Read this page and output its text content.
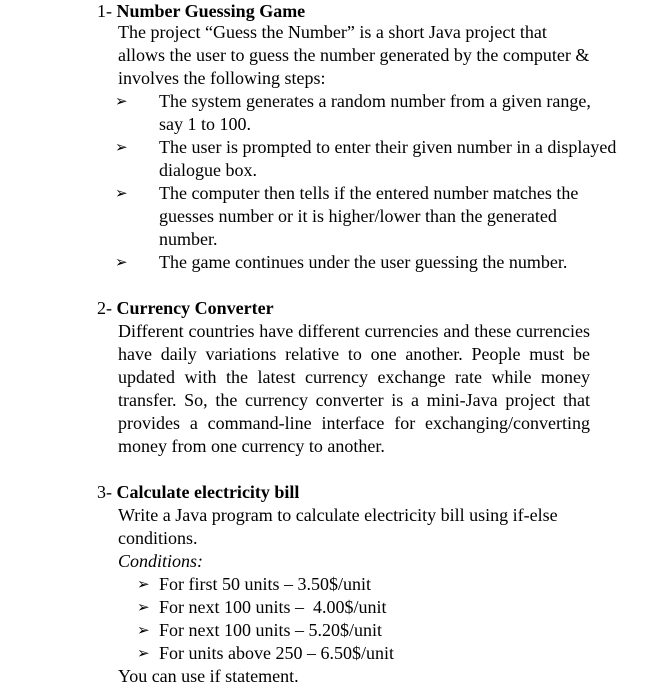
1- Number Guessing Game
The project “Guess the Number” is a short Java project that allows the user to guess the number generated by the computer & involves the following steps:
➢ The system generates a random number from a given range, say 1 to 100.
➢ The user is prompted to enter their given number in a displayed dialogue box.
➢ The computer then tells if the entered number matches the guesses number or it is higher/lower than the generated number.
➢ The game continues under the user guessing the number.
2- Currency Converter
Different countries have different currencies and these currencies have daily variations relative to one another. People must be updated with the latest currency exchange rate while money transfer. So, the currency converter is a mini-Java project that provides a command-line interface for exchanging/converting money from one currency to another.
3- Calculate electricity bill
Write a Java program to calculate electricity bill using if-else conditions.
Conditions:
➢ For first 50 units – 3.50$/unit
➢ For next 100 units –  4.00$/unit
➢ For next 100 units – 5.20$/unit
➢ For units above 250 – 6.50$/unit
You can use if statement.
